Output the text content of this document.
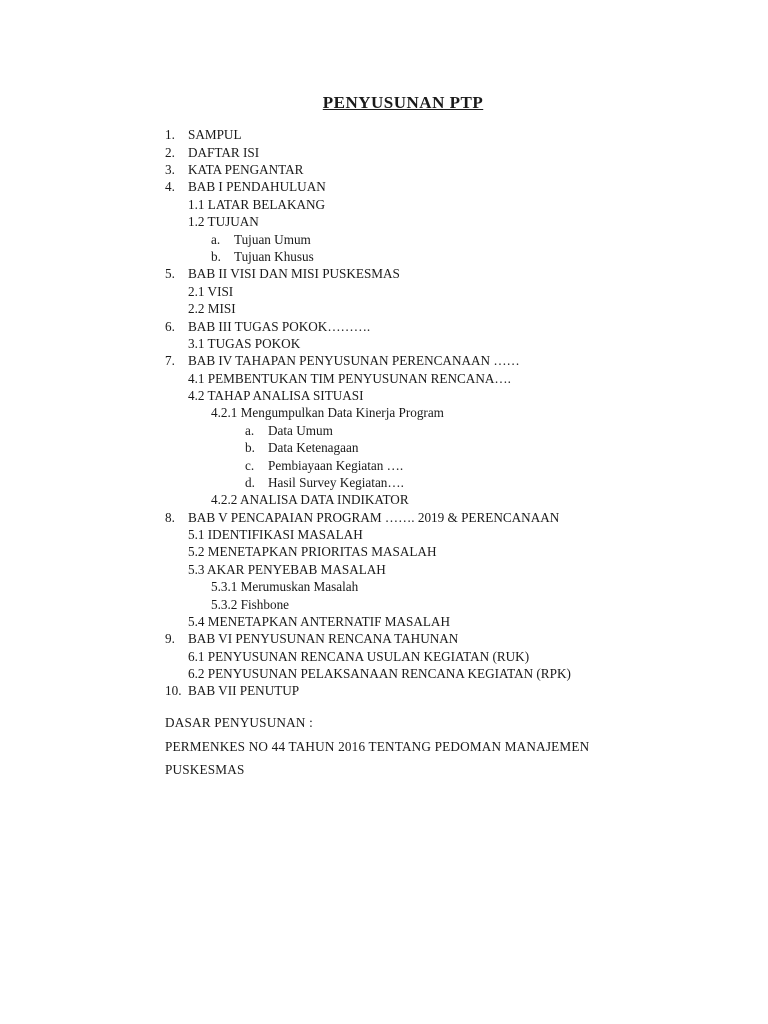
PENYUSUNAN PTP
1. SAMPUL
2. DAFTAR ISI
3. KATA PENGANTAR
4. BAB I PENDAHULUAN
1.1 LATAR BELAKANG
1.2 TUJUAN
a. Tujuan Umum
b. Tujuan Khusus
5. BAB II VISI DAN MISI PUSKESMAS
2.1 VISI
2.2 MISI
6. BAB III TUGAS POKOK……….
3.1 TUGAS POKOK
7. BAB IV TAHAPAN PENYUSUNAN PERENCANAAN ……
4.1 PEMBENTUKAN TIM PENYUSUNAN RENCANA….
4.2 TAHAP ANALISA SITUASI
4.2.1 Mengumpulkan Data Kinerja Program
a. Data Umum
b. Data Ketenagaan
c. Pembiayaan Kegiatan ….
d. Hasil Survey Kegiatan….
4.2.2 ANALISA DATA INDIKATOR
8. BAB V PENCAPAIAN PROGRAM ……. 2019 & PERENCANAAN
5.1 IDENTIFIKASI MASALAH
5.2 MENETAPKAN PRIORITAS MASALAH
5.3 AKAR PENYEBAB MASALAH
5.3.1 Merumuskan Masalah
5.3.2 Fishbone
5.4 MENETAPKAN ANTERNATIF MASALAH
9. BAB VI PENYUSUNAN RENCANA TAHUNAN
6.1 PENYUSUNAN RENCANA USULAN KEGIATAN (RUK)
6.2 PENYUSUNAN PELAKSANAAN RENCANA KEGIATAN (RPK)
10. BAB VII PENUTUP
DASAR PENYUSUNAN :
PERMENKES NO 44 TAHUN 2016 TENTANG PEDOMAN MANAJEMEN
PUSKESMAS
